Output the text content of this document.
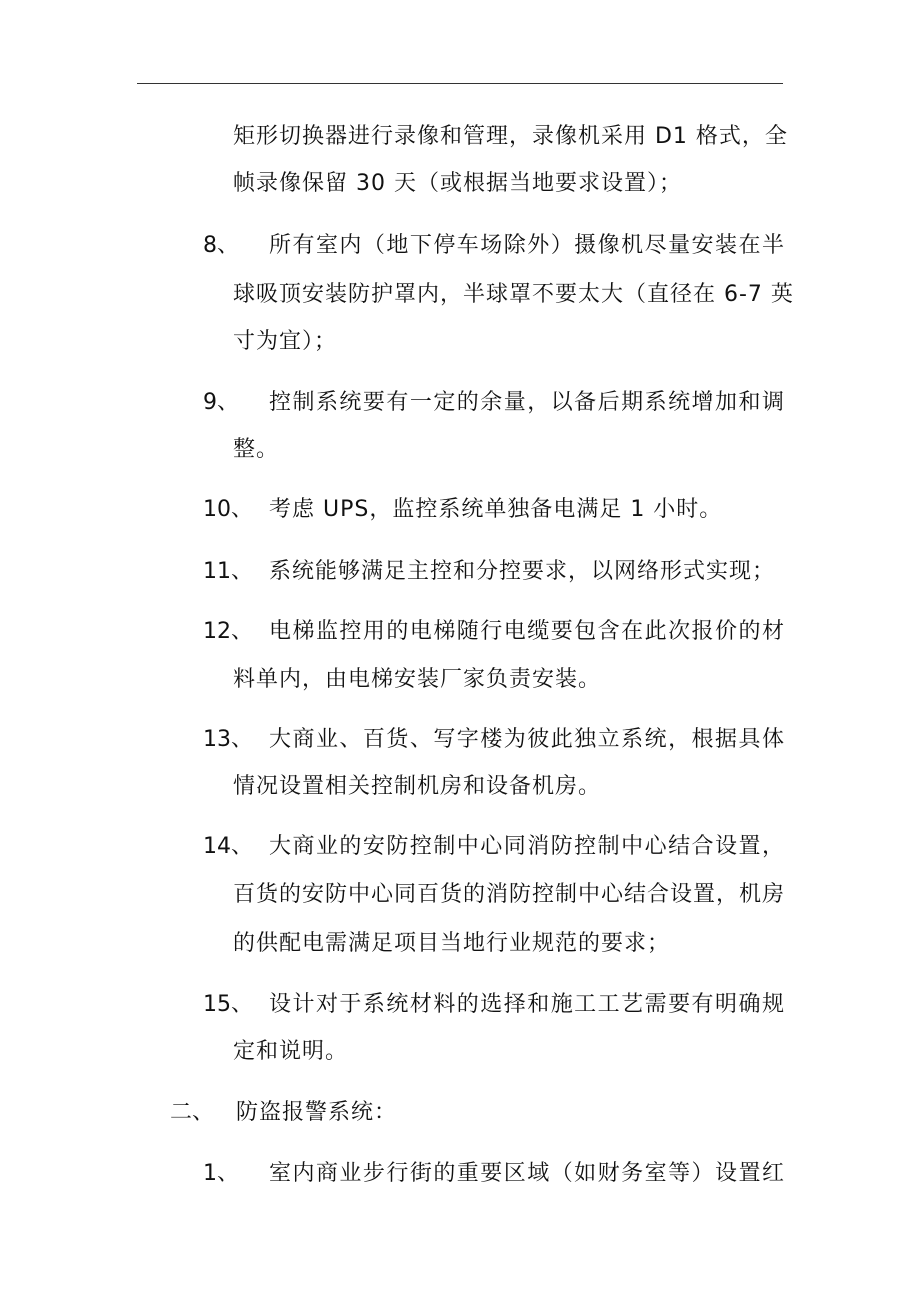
矩形切换器进行录像和管理，录像机采用 D1 格式，全
帧录像保留 30 天（或根据当地要求设置）；
8、 所有室内（地下停车场除外）摄像机尽量安装在半
球吸顶安装防护罩内，半球罩不要太大（直径在 6-7 英
寸为宜）；
9、 控制系统要有一定的余量，以备后期系统增加和调
整。
10、 考虑 UPS，监控系统单独备电满足 1 小时。
11、 系统能够满足主控和分控要求，以网络形式实现；
12、 电梯监控用的电梯随行电缆要包含在此次报价的材
料单内，由电梯安装厂家负责安装。
13、 大商业、百货、写字楼为彼此独立系统，根据具体
情况设置相关控制机房和设备机房。
14、 大商业的安防控制中心同消防控制中心结合设置，
百货的安防中心同百货的消防控制中心结合设置，机房
的供配电需满足项目当地行业规范的要求；
15、 设计对于系统材料的选择和施工工艺需要有明确规
定和说明。
二、 防盗报警系统：
1、 室内商业步行街的重要区域（如财务室等）设置红
